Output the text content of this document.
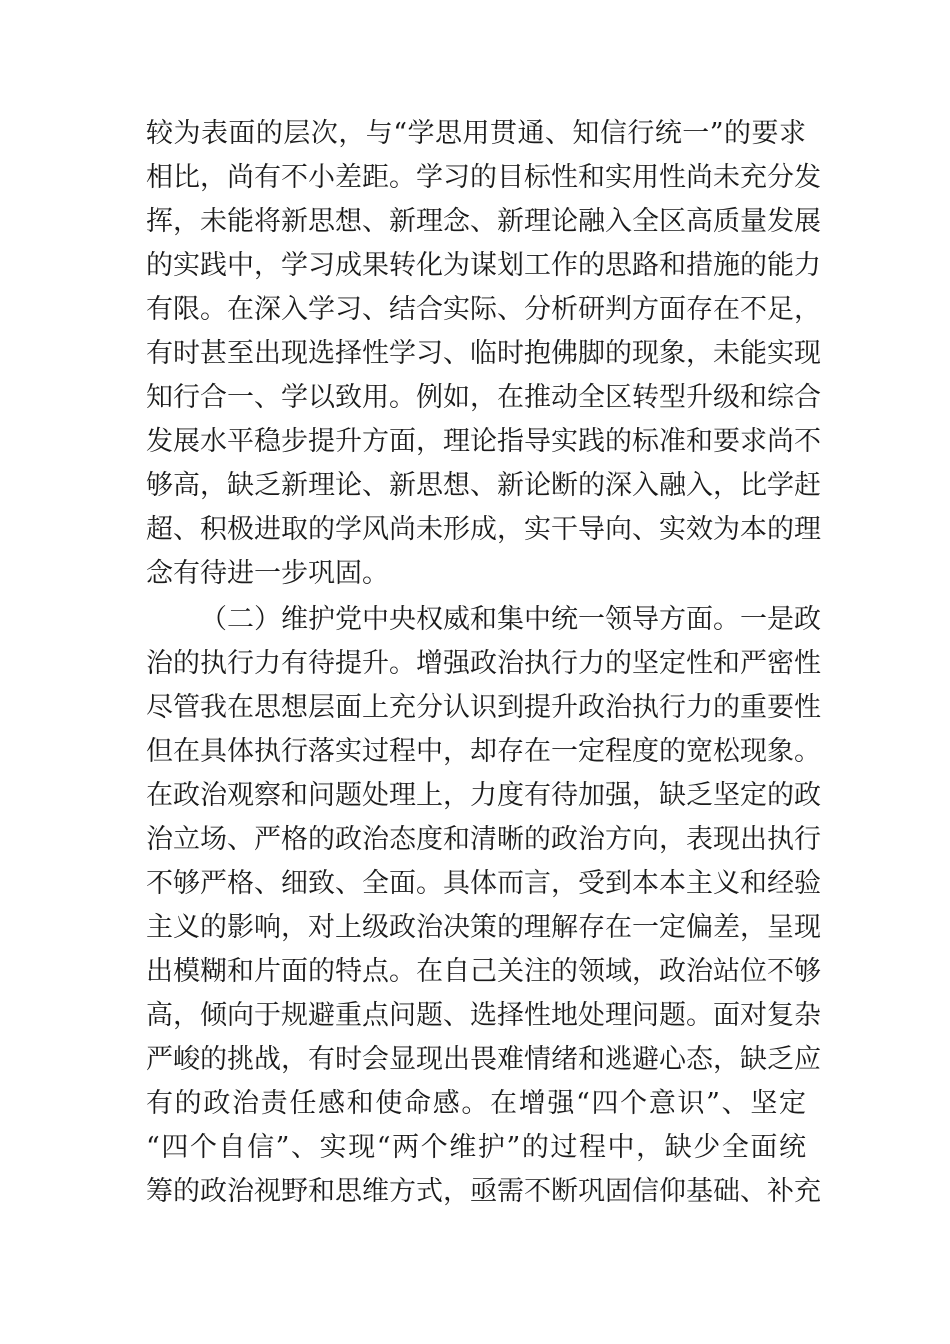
较为表面的层次，与“学思用贯通、知信行统一”的要求
相比，尚有不小差距。学习的目标性和实用性尚未充分发
挥，未能将新思想、新理念、新理论融入全区高质量发展
的实践中，学习成果转化为谋划工作的思路和措施的能力
有限。在深入学习、结合实际、分析研判方面存在不足，
有时甚至出现选择性学习、临时抱佛脚的现象，未能实现
知行合一、学以致用。例如，在推动全区转型升级和综合
发展水平稳步提升方面，理论指导实践的标准和要求尚不
够高，缺乏新理论、新思想、新论断的深入融入，比学赶
超、积极进取的学风尚未形成，实干导向、实效为本的理
念有待进一步巩固。
（二）维护党中央权威和集中统一领导方面。一是政
治的执行力有待提升。增强政治执行力的坚定性和严密性
尽管我在思想层面上充分认识到提升政治执行力的重要性
但在具体执行落实过程中，却存在一定程度的宽松现象。
在政治观察和问题处理上，力度有待加强，缺乏坚定的政
治立场、严格的政治态度和清晰的政治方向，表现出执行
不够严格、细致、全面。具体而言，受到本本主义和经验
主义的影响，对上级政治决策的理解存在一定偏差，呈现
出模糊和片面的特点。在自己关注的领域，政治站位不够
高，倾向于规避重点问题、选择性地处理问题。面对复杂
严峻的挑战，有时会显现出畏难情绪和逃避心态，缺乏应
有的政治责任感和使命感。在增强“四个意识”、坚定
“四个自信”、实现“两个维护”的过程中，缺少全面统
筹的政治视野和思维方式，亟需不断巩固信仰基础、补充
